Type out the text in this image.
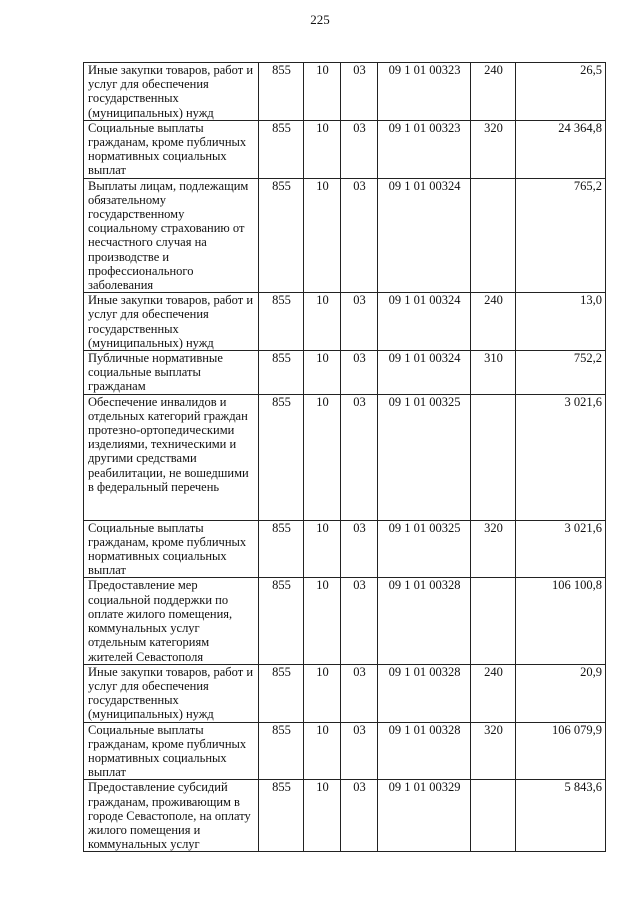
225
Иные закупки товаров, работ и услуг для обеспечения государственных (муниципальных) нужд	855	10	03	09 1 01 00323	240	26,5
Социальные выплаты гражданам, кроме публичных нормативных социальных выплат	855	10	03	09 1 01 00323	320	24 364,8
Выплаты лицам, подлежащим обязательному государственному социальному страхованию от несчастного случая на производстве и профессионального заболевания	855	10	03	09 1 01 00324		765,2
Иные закупки товаров, работ и услуг для обеспечения государственных (муниципальных) нужд	855	10	03	09 1 01 00324	240	13,0
Публичные нормативные социальные выплаты гражданам	855	10	03	09 1 01 00324	310	752,2
Обеспечение инвалидов и отдельных категорий граждан протезно-ортопедическими изделиями, техническими и другими средствами реабилитации, не вошедшими в федеральный перечень	855	10	03	09 1 01 00325		3 021,6
Социальные выплаты гражданам, кроме публичных нормативных социальных выплат	855	10	03	09 1 01 00325	320	3 021,6
Предоставление мер социальной поддержки по оплате жилого помещения, коммунальных услуг отдельным категориям жителей Севастополя	855	10	03	09 1 01 00328		106 100,8
Иные закупки товаров, работ и услуг для обеспечения государственных (муниципальных) нужд	855	10	03	09 1 01 00328	240	20,9
Социальные выплаты гражданам, кроме публичных нормативных социальных выплат	855	10	03	09 1 01 00328	320	106 079,9
Предоставление субсидий гражданам, проживающим в городе Севастополе, на оплату жилого помещения и коммунальных услуг	855	10	03	09 1 01 00329		5 843,6
